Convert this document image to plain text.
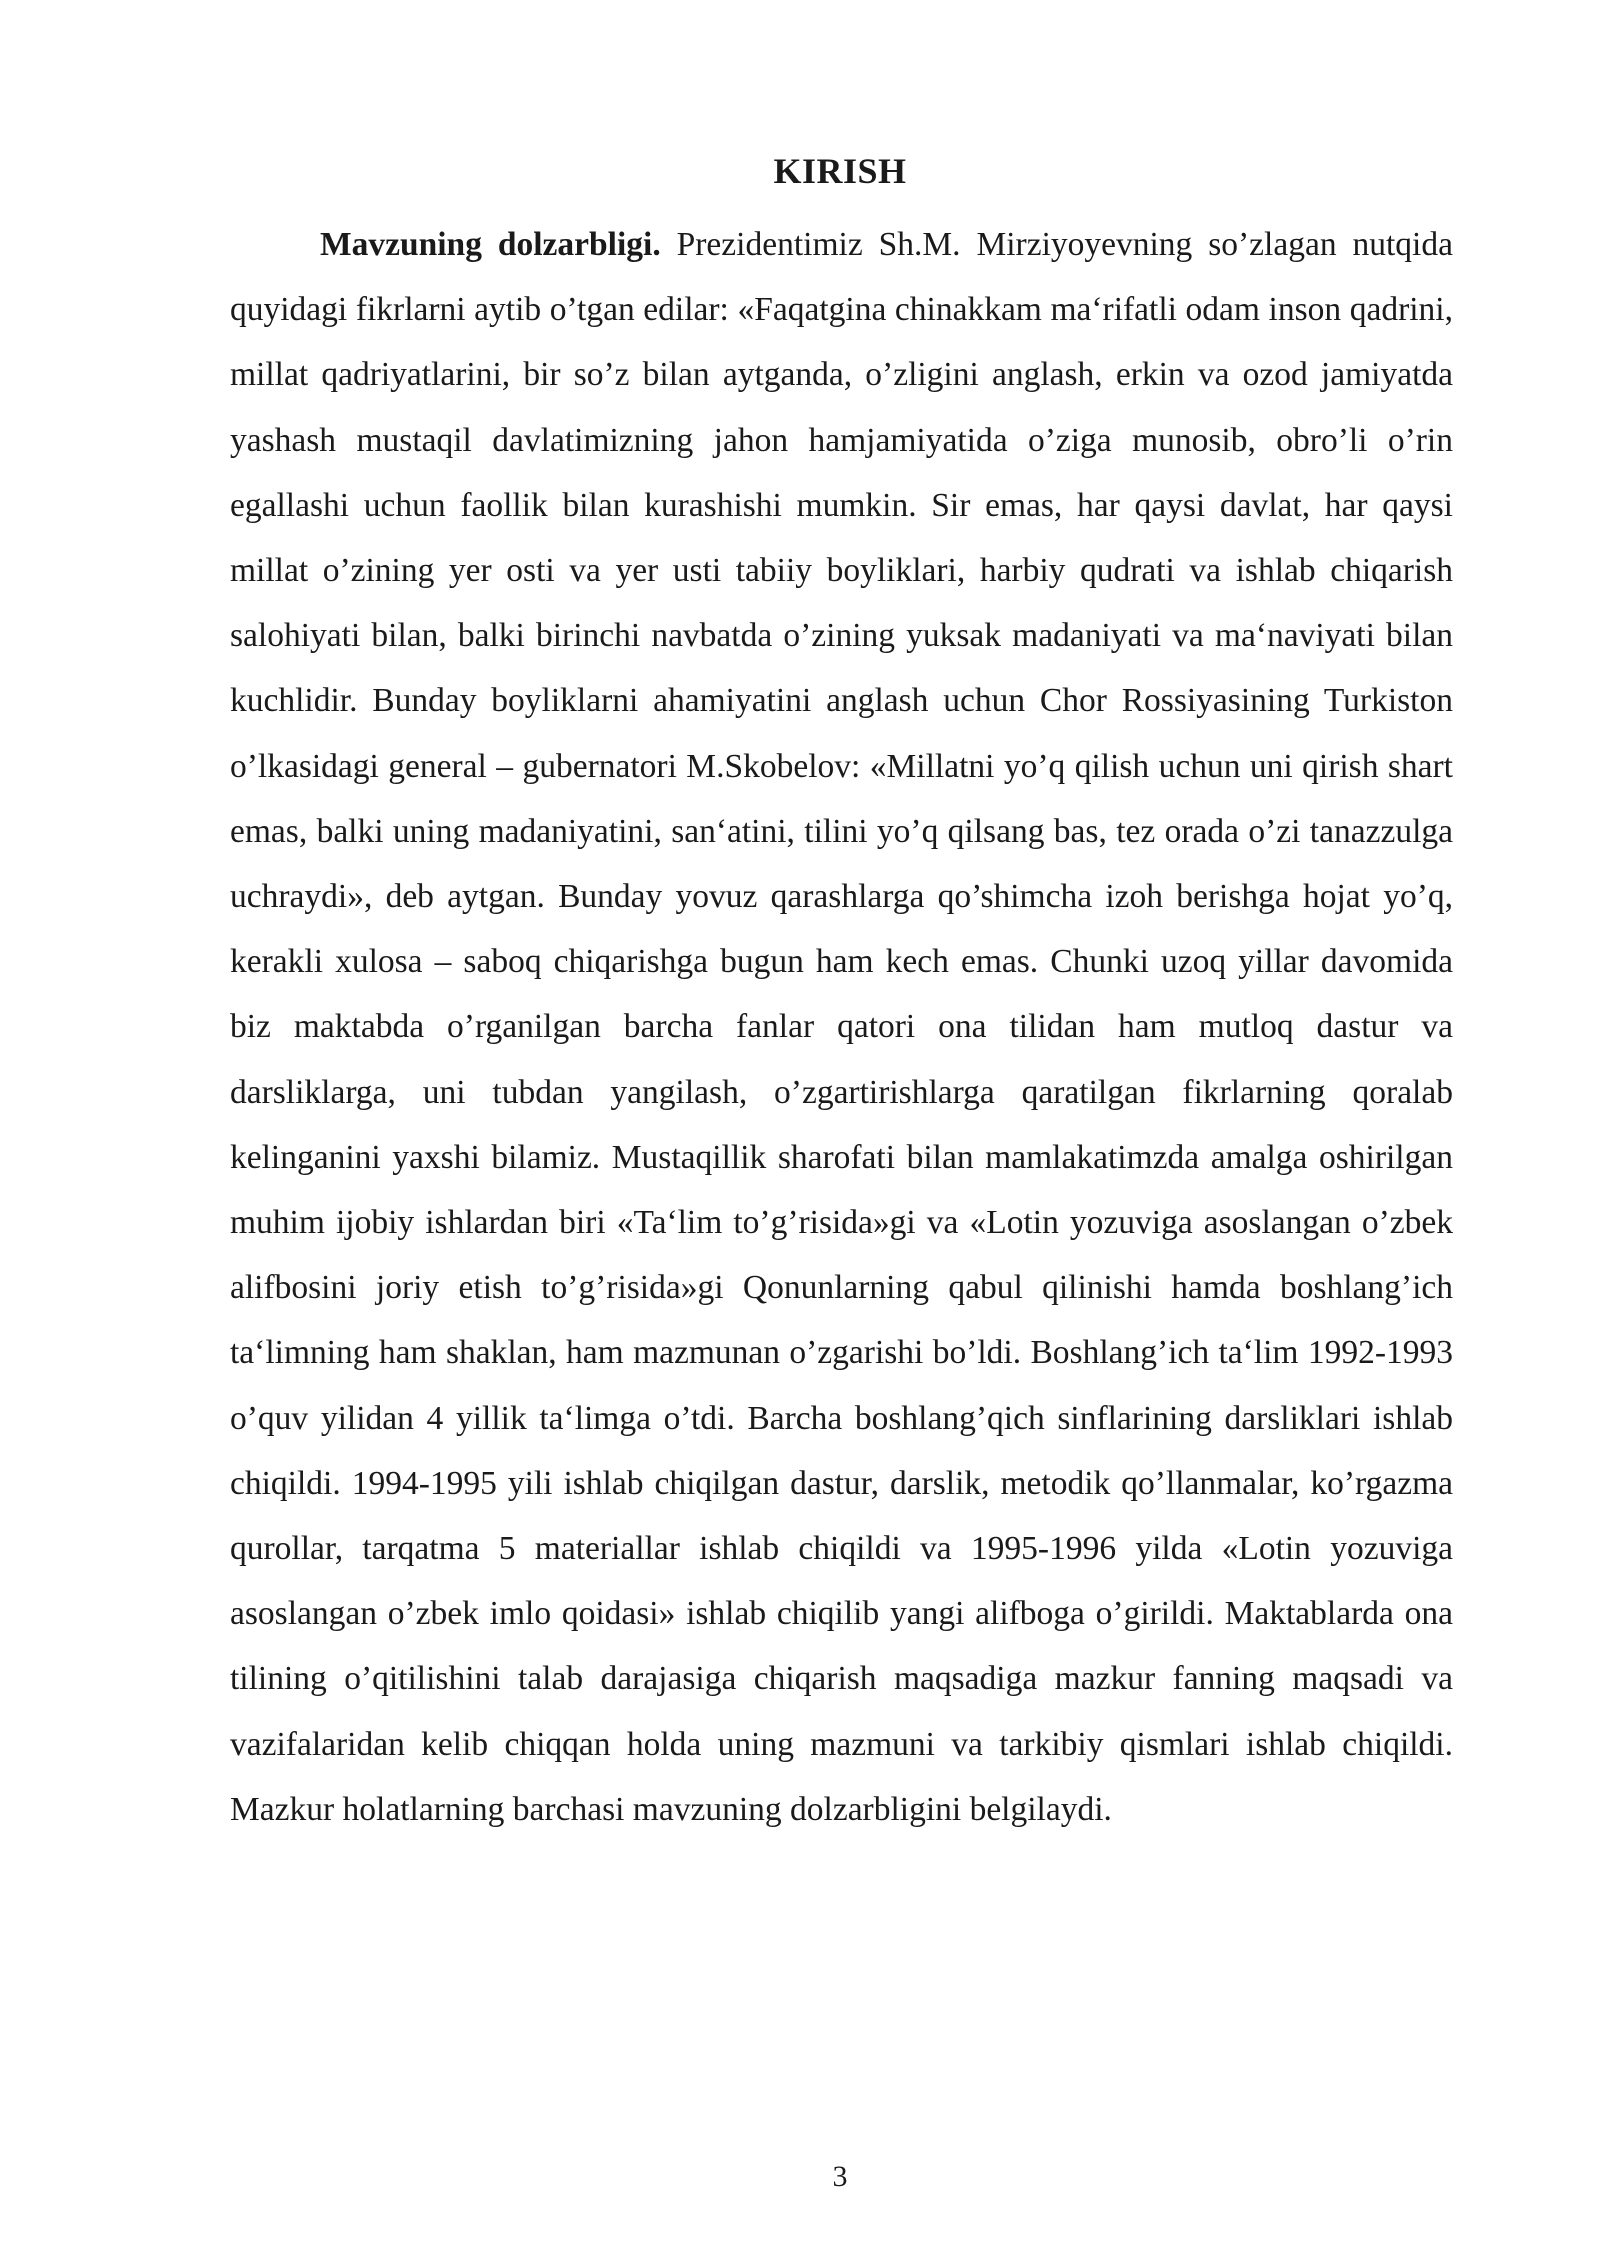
KIRISH

Mavzuning dolzarbligi. Prezidentimiz Sh.M. Mirziyoyevning so’zlagan nutqida quyidagi fikrlarni aytib o’tgan edilar: «Faqatgina chinakkam ma‘rifatli odam inson qadrini, millat qadriyatlarini, bir so’z bilan aytganda, o’zligini anglash, erkin va ozod jamiyatda yashash mustaqil davlatimizning jahon hamjamiyatida o’ziga munosib, obro’li o’rin egallashi uchun faollik bilan kurashishi mumkin. Sir emas, har qaysi davlat, har qaysi millat o’zining yer osti va yer usti tabiiy boyliklari, harbiy qudrati va ishlab chiqarish salohiyati bilan, balki birinchi navbatda o’zining yuksak madaniyati va ma‘naviyati bilan kuchlidir. Bunday boyliklarni ahamiyatini anglash uchun Chor Rossiyasining Turkiston o’lkasidagi general – gubernatori M.Skobelov: «Millatni yo’q qilish uchun uni qirish shart emas, balki uning madaniyatini, san‘atini, tilini yo’q qilsang bas, tez orada o’zi tanazzulga uchraydi», deb aytgan. Bunday yovuz qarashlarga qo’shimcha izoh berishga hojat yo’q, kerakli xulosa – saboq chiqarishga bugun ham kech emas. Chunki uzoq yillar davomida biz maktabda o’rganilgan barcha fanlar qatori ona tilidan ham mutloq dastur va darsliklarga, uni tubdan yangilash, o’zgartirishlarga qaratilgan fikrlarning qoralab kelinganini yaxshi bilamiz. Mustaqillik sharofati bilan mamlakatimzda amalga oshirilgan muhim ijobiy ishlardan biri «Ta‘lim to’g’risida»gi va «Lotin yozuviga asoslangan o’zbek alifbosini joriy etish to’g’risida»gi Qonunlarning qabul qilinishi hamda boshlang’ich ta‘limning ham shaklan, ham mazmunan o’zgarishi bo’ldi. Boshlang’ich ta‘lim 1992-1993 o’quv yilidan 4 yillik ta‘limga o’tdi. Barcha boshlang’qich sinflarining darsliklari ishlab chiqildi. 1994-1995 yili ishlab chiqilgan dastur, darslik, metodik qo’llanmalar, ko’rgazma qurollar, tarqatma 5 materiallar ishlab chiqildi va 1995-1996 yilda «Lotin yozuviga asoslangan o’zbek imlo qoidasi» ishlab chiqilib yangi alifboga o’girildi. Maktablarda ona tilining o’qitilishini talab darajasiga chiqarish maqsadiga mazkur fanning maqsadi va vazifalaridan kelib chiqqan holda uning mazmuni va tarkibiy qismlari ishlab chiqildi. Mazkur holatlarning barchasi mavzuning dolzarbligini belgilaydi.

3
